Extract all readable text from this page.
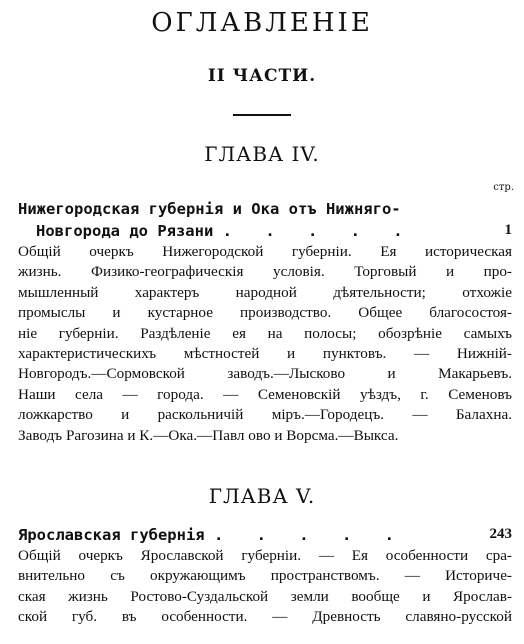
ОГЛАВЛЕНІЕ
II ЧАСТИ.
ГЛАВА IV.
стр.
Нижегородская губернія и Ока отъ Нижняго-
Новгорода до Рязани . . . . .	1
Общій очеркъ Нижегородской губерніи. Ея историческая
жизнь. Физико-географическія условія. Торговый и про-
мышленный характеръ народной дѣятельности; отхожіе
промыслы и кустарное производство. Общее благосостоя-
ніе губерніи. Раздѣленіе ея на полосы; обозрѣніе самыхъ
характеристическихъ мѣстностей и пунктовъ. — Нижній-
Новгородъ.—Сормовской заводъ.—Лысково и Макарьевъ.
Наши села — города. — Семеновскій уѣздъ, г. Семеновъ
ложкарство и раскольничій міръ.—Городецъ. — Балахна.
Заводъ Рагозина и К.—Ока.—Павл ово и Ворсма.—Выкса.
ГЛАВА V.
Ярославская губернія . . . . .	243
Общій очеркъ Ярославской губерніи. — Ея особенности сра-
внительно съ окружающимъ пространствомъ. — Историче-
ская жизнь Ростово-Суздальской земли вообще и Ярослав-
ской губ. въ особенности. — Древность славяно-русской
